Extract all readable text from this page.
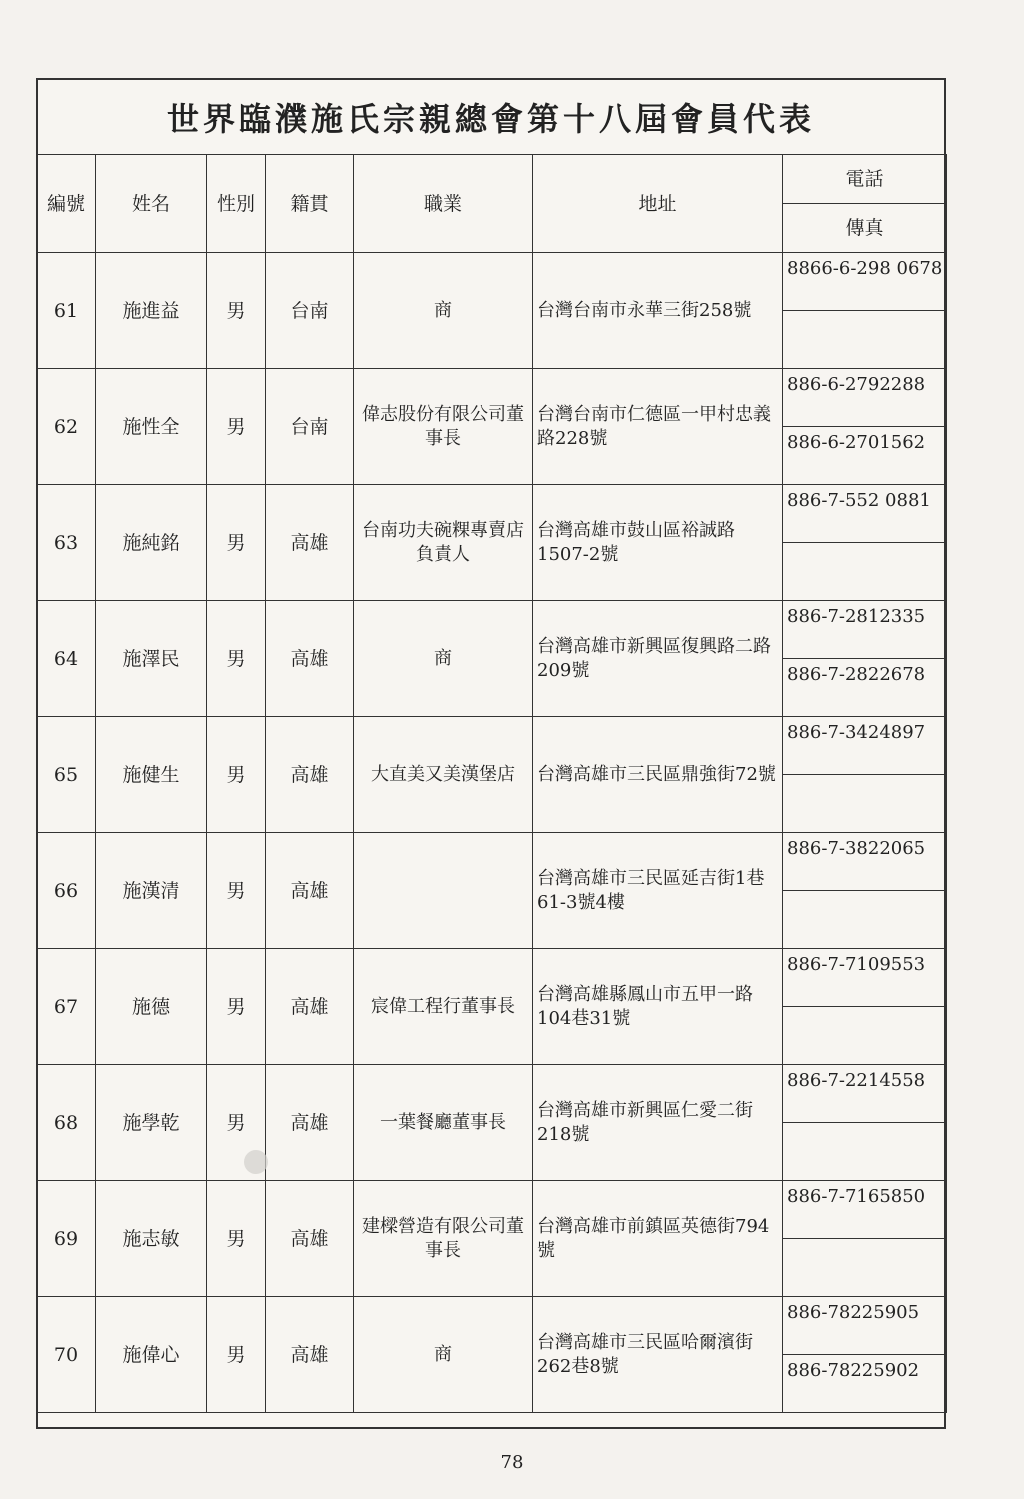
世界臨濮施氏宗親總會第十八屆會員代表
編號	姓名	性別	籍貫	職業	地址	電話
						傳真
61	施進益	男	台南	商	台灣台南市永華三街258號	8866-6-298 0678

62	施性全	男	台南	偉志股份有限公司董事長	台灣台南市仁德區一甲村忠義路228號	886-6-2792288
						886-6-2701562
63	施純銘	男	高雄	台南功夫碗粿專賣店負責人	台灣高雄市鼓山區裕誠路1507-2號	886-7-552 0881

64	施澤民	男	高雄	商	台灣高雄市新興區復興路二路209號	886-7-2812335
						886-7-2822678
65	施健生	男	高雄	大直美又美漢堡店	台灣高雄市三民區鼎強街72號	886-7-3424897

66	施漢清	男	高雄		台灣高雄市三民區延吉街1巷61-3號4樓	886-7-3822065

67	施德	男	高雄	宸偉工程行董事長	台灣高雄縣鳳山市五甲一路104巷31號	886-7-7109553

68	施學乾	男	高雄	一葉餐廳董事長	台灣高雄市新興區仁愛二街218號	886-7-2214558

69	施志敏	男	高雄	建樑營造有限公司董事長	台灣高雄市前鎮區英德街794號	886-7-7165850

70	施偉心	男	高雄	商	台灣高雄市三民區哈爾濱街262巷8號	886-78225905
						886-78225902
78
